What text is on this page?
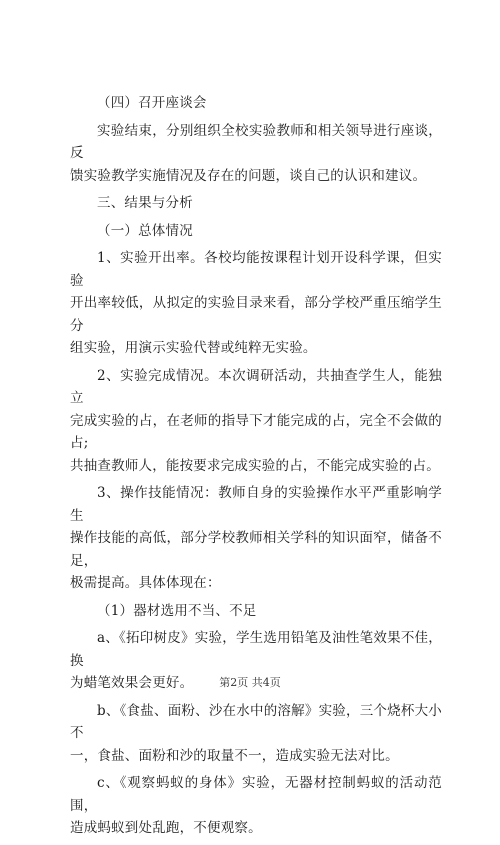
（四）召开座谈会
实验结束，分别组织全校实验教师和相关领导进行座谈，反
馈实验教学实施情况及存在的问题，谈自己的认识和建议。
三、结果与分析
（一）总体情况
1、实验开出率。各校均能按课程计划开设科学课，但实验
开出率较低，从拟定的实验目录来看，部分学校严重压缩学生分
组实验，用演示实验代替或纯粹无实验。
2、实验完成情况。本次调研活动，共抽查学生人，能独立
完成实验的占，在老师的指导下才能完成的占，完全不会做的占;
共抽查教师人，能按要求完成实验的占，不能完成实验的占。
3、操作技能情况：教师自身的实验操作水平严重影响学生
操作技能的高低，部分学校教师相关学科的知识面窄，储备不足，
极需提高。具体体现在：
（1）器材选用不当、不足
a、《拓印树皮》实验，学生选用铅笔及油性笔效果不佳，换
为蜡笔效果会更好。
b、《食盐、面粉、沙在水中的溶解》实验，三个烧杯大小不
一，食盐、面粉和沙的取量不一，造成实验无法对比。
c、《观察蚂蚁的身体》实验，无器材控制蚂蚁的活动范围，
造成蚂蚁到处乱跑，不便观察。
第2页 共4页
